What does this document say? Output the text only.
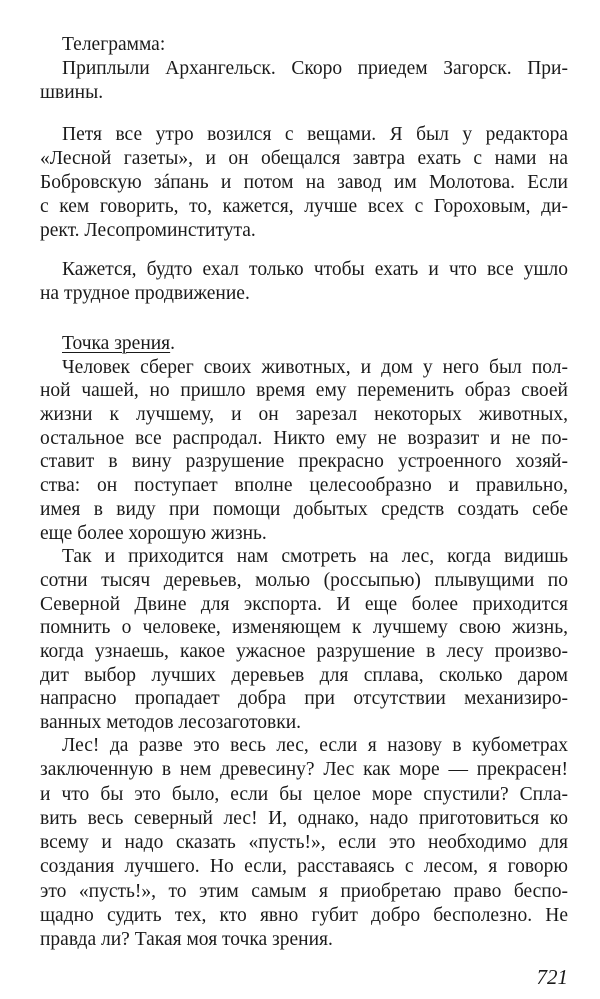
Телеграмма:
Приплыли Архангельск. Скоро приедем Загорск. При-
швины.
Петя все утро возился с вещами. Я был у редактора
«Лесной газеты», и он обещался завтра ехать с нами на
Бобровскую зáпань и потом на завод им Молотова. Если
с кем говорить, то, кажется, лучше всех с Гороховым, ди-
рект. Лесопроминститута.
Кажется, будто ехал только чтобы ехать и что все ушло
на трудное продвижение.
Точка зрения.
Человек сберег своих животных, и дом у него был пол-
ной чашей, но пришло время ему переменить образ своей
жизни к лучшему, и он зарезал некоторых животных,
остальное все распродал. Никто ему не возразит и не по-
ставит в вину разрушение прекрасно устроенного хозяй-
ства: он поступает вполне целесообразно и правильно,
имея в виду при помощи добытых средств создать себе
еще более хорошую жизнь.
Так и приходится нам смотреть на лес, когда видишь
сотни тысяч деревьев, молью (россыпью) плывущими по
Северной Двине для экспорта. И еще более приходится
помнить о человеке, изменяющем к лучшему свою жизнь,
когда узнаешь, какое ужасное разрушение в лесу произво-
дит выбор лучших деревьев для сплава, сколько даром
напрасно пропадает добра при отсутствии механизиро-
ванных методов лесозаготовки.
Лес! да разве это весь лес, если я назову в кубометрах
заключенную в нем древесину? Лес как море — прекрасен!
и что бы это было, если бы целое море спустили? Спла-
вить весь северный лес! И, однако, надо приготовиться ко
всему и надо сказать «пусть!», если это необходимо для
создания лучшего. Но если, расставаясь с лесом, я говорю
это «пусть!», то этим самым я приобретаю право беспо-
щадно судить тех, кто явно губит добро бесполезно. Не
правда ли? Такая моя точка зрения.
721
